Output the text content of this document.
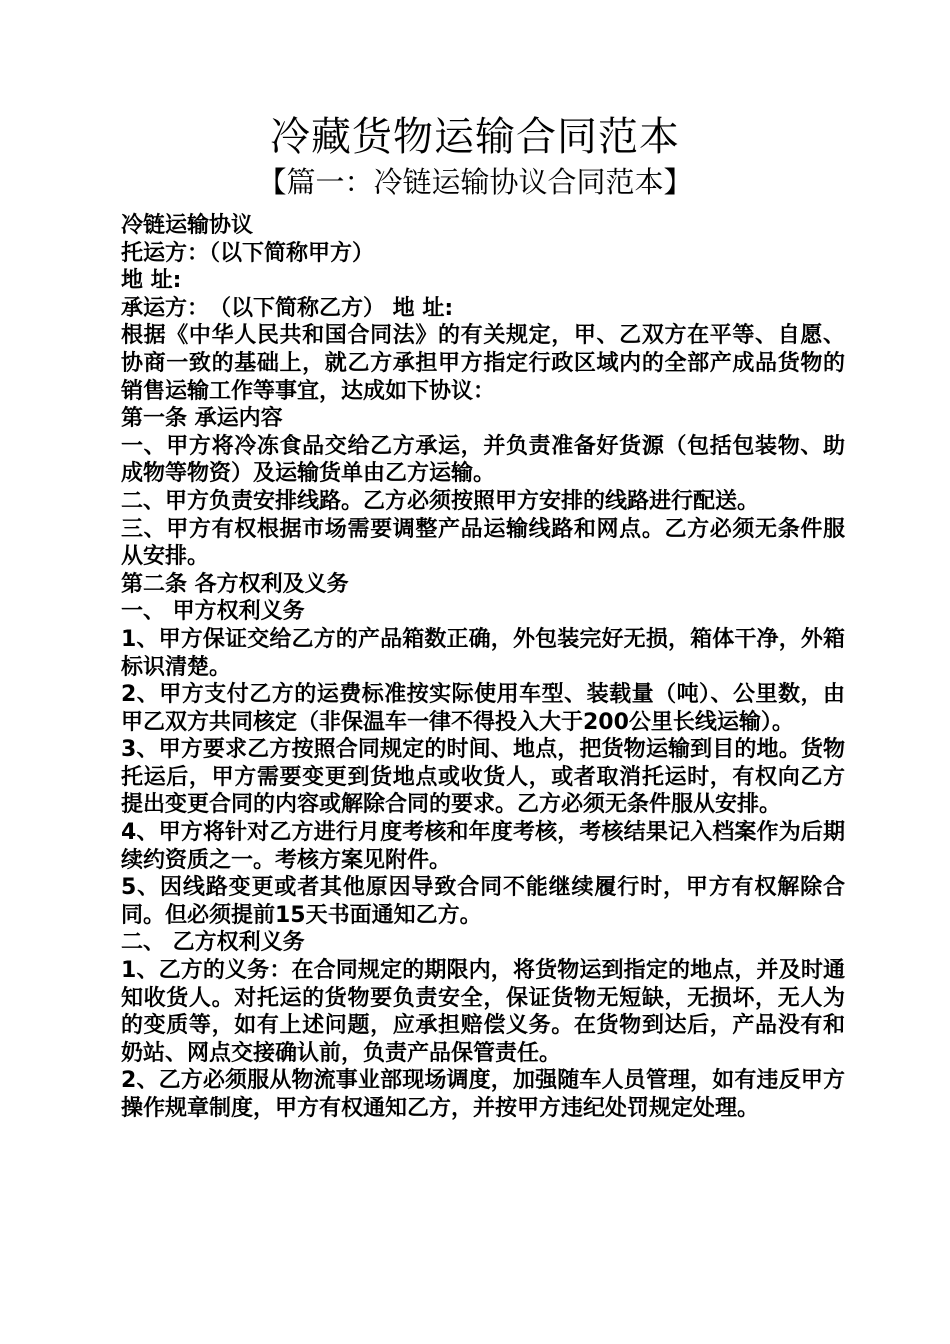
冷藏货物运输合同范本
【篇一：冷链运输协议合同范本】

冷链运输协议

托运方：（以下简称甲方）

地 址:

承运方：　（以下简称乙方） 地 址:

根据《中华人民共和国合同法》的有关规定，甲、乙双方在平等、自愿、协商一致的基础上，就乙方承担甲方指定行政区域内的全部产成品货物的销售运输工作等事宜，达成如下协议：

第一条 承运内容

一、甲方将冷冻食品交给乙方承运，并负责准备好货源（包括包装物、助成物等物资）及运输货单由乙方运输。

二、甲方负责安排线路。乙方必须按照甲方安排的线路进行配送。

三、甲方有权根据市场需要调整产品运输线路和网点。乙方必须无条件服从安排。

第二条 各方权利及义务

一、 甲方权利义务

1、甲方保证交给乙方的产品箱数正确，外包装完好无损，箱体干净，外箱标识清楚。

2、甲方支付乙方的运费标准按实际使用车型、装载量（吨）、公里数，由甲乙双方共同核定（非保温车一律不得投入大于200公里长线运输）。

3、甲方要求乙方按照合同规定的时间、地点，把货物运输到目的地。货物托运后，甲方需要变更到货地点或收货人，或者取消托运时，有权向乙方提出变更合同的内容或解除合同的要求。乙方必须无条件服从安排。

4、甲方将针对乙方进行月度考核和年度考核，考核结果记入档案作为后期续约资质之一。考核方案见附件。

5、因线路变更或者其他原因导致合同不能继续履行时，甲方有权解除合同。但必须提前15天书面通知乙方。

二、 乙方权利义务

1、乙方的义务：在合同规定的期限内，将货物运到指定的地点，并及时通知收货人。对托运的货物要负责安全，保证货物无短缺，无损坏，无人为的变质等，如有上述问题，应承担赔偿义务。在货物到达后，产品没有和奶站、网点交接确认前，负责产品保管责任。

2、乙方必须服从物流事业部现场调度，加强随车人员管理，如有违反甲方操作规章制度，甲方有权通知乙方，并按甲方违纪处罚规定处理。
